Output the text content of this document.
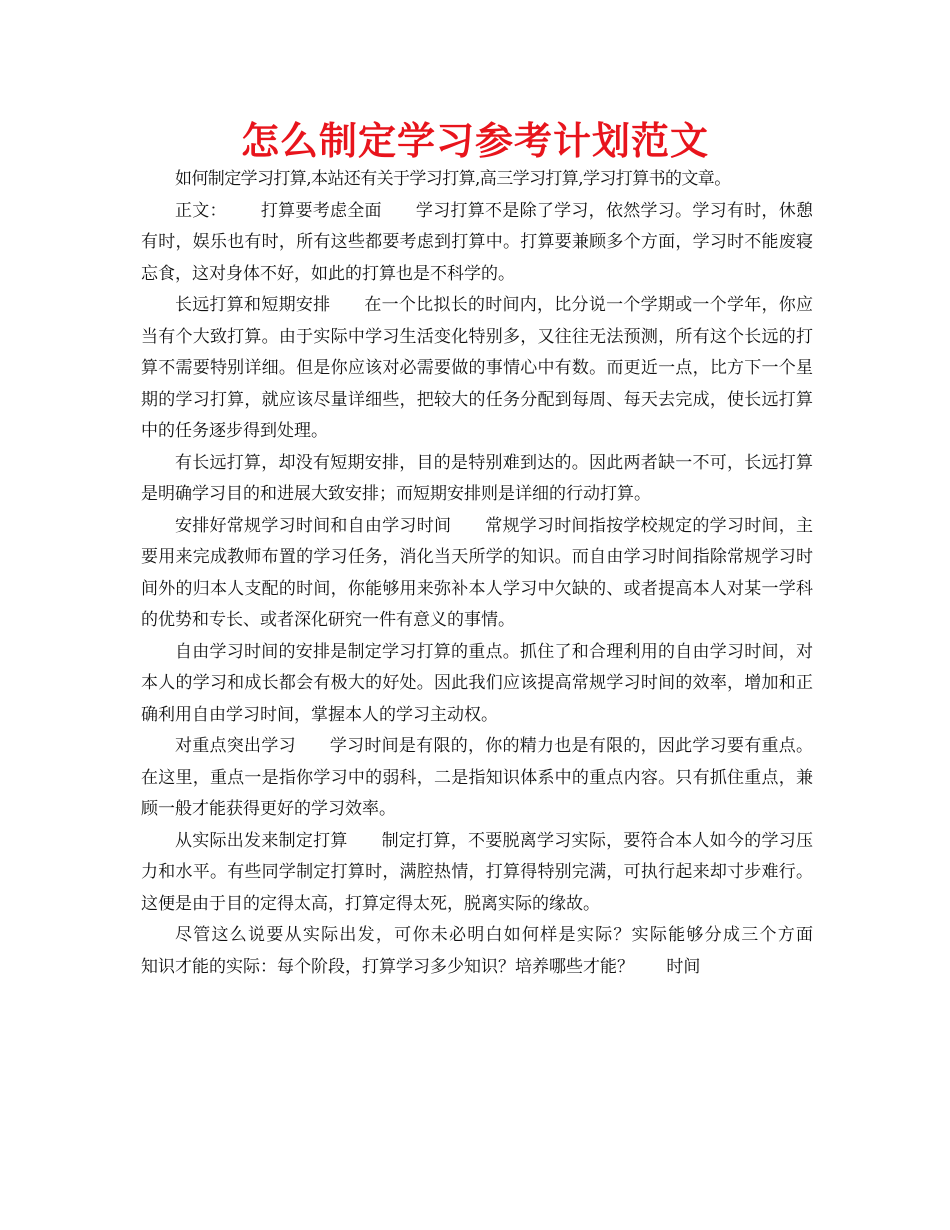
怎么制定学习参考计划范文

如何制定学习打算,本站还有关于学习打算,高三学习打算,学习打算书的文章。

正文：      打算要考虑全面      学习打算不是除了学习，依然学习。学习有时，休憩有时，娱乐也有时，所有这些都要考虑到打算中。打算要兼顾多个方面，学习时不能废寝忘食，这对身体不好，如此的打算也是不科学的。

长远打算和短期安排      在一个比拟长的时间内，比分说一个学期或一个学年，你应当有个大致打算。由于实际中学习生活变化特别多，又往往无法预测，所有这个长远的打算不需要特别详细。但是你应该对必需要做的事情心中有数。而更近一点，比方下一个星期的学习打算，就应该尽量详细些，把较大的任务分配到每周、每天去完成，使长远打算中的任务逐步得到处理。

有长远打算，却没有短期安排，目的是特别难到达的。因此两者缺一不可，长远打算是明确学习目的和进展大致安排；而短期安排则是详细的行动打算。

安排好常规学习时间和自由学习时间      常规学习时间指按学校规定的学习时间，主要用来完成教师布置的学习任务，消化当天所学的知识。而自由学习时间指除常规学习时间外的归本人支配的时间，你能够用来弥补本人学习中欠缺的、或者提高本人对某一学科的优势和专长、或者深化研究一件有意义的事情。

自由学习时间的安排是制定学习打算的重点。抓住了和合理利用的自由学习时间，对本人的学习和成长都会有极大的好处。因此我们应该提高常规学习时间的效率，增加和正确利用自由学习时间，掌握本人的学习主动权。

对重点突出学习      学习时间是有限的，你的精力也是有限的，因此学习要有重点。在这里，重点一是指你学习中的弱科，二是指知识体系中的重点内容。只有抓住重点，兼顾一般才能获得更好的学习效率。

从实际出发来制定打算      制定打算，不要脱离学习实际，要符合本人如今的学习压力和水平。有些同学制定打算时，满腔热情，打算得特别完满，可执行起来却寸步难行。这便是由于目的定得太高，打算定得太死，脱离实际的缘故。

尽管这么说要从实际出发，可你未必明白如何样是实际？实际能够分成三个方面      知识才能的实际：每个阶段，打算学习多少知识？培养哪些才能？      时间
